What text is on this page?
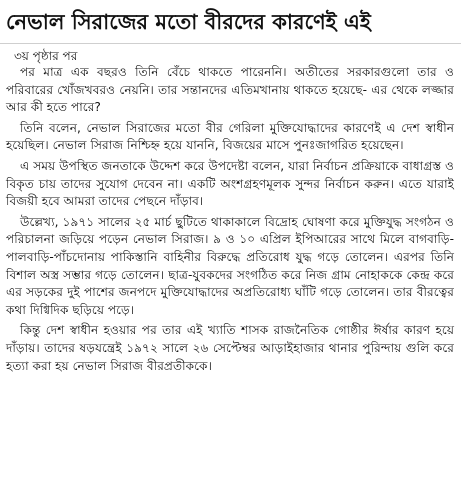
নেভাল সিরাজের মতো বীরদের কারণেই এই
৩য় পৃষ্ঠার পর

পর মাত্র এক বছরও তিনি বেঁচে থাকতে পারেননি। অতীতের সরকারগুলো তার ও পরিবারের খোঁজখবরও নেয়নি। তার সন্তানদের এতিমখানায় থাকতে হয়েছে- এর থেকে লজ্জার আর কী হতে পারে?

তিনি বলেন, নেভাল সিরাজের মতো বীর গেরিলা মুক্তিযোদ্ধাদের কারণেই এ দেশ স্বাধীন হয়েছিল। নেভাল সিরাজ নিশ্চিহ্ন হয়ে যাননি, বিজয়ের মাসে পুনঃজাগরিত হয়েছেন।

এ সময় উপস্থিত জনতাকে উদ্দেশ করে উপদেষ্টা বলেন, যারা নির্বাচন প্রক্রিয়াকে বাধাগ্রস্ত ও বিকৃত চায় তাদের সুযোগ দেবেন না। একটি অংশগ্রহণমূলক সুন্দর নির্বাচন করুন। এতে যারাই বিজয়ী হবে আমরা তাদের পেছনে দাঁড়াব।

উল্লেখ্য, ১৯৭১ সালের ২৫ মার্চ ছুটিতে থাকাকালে বিদ্রোহ ঘোষণা করে মুক্তিযুদ্ধ সংগঠন ও পরিচালনা জড়িয়ে পড়েন নেভাল সিরাজ। ৯ ও ১০ এপ্রিল ইপিআরের সাথে মিলে বাগবাড়ি-পালবাড়ি-পাঁচদোনায় পাকিস্তানি বাহিনীর বিরুদ্ধে প্রতিরোধ যুদ্ধ গড়ে তোলেন। এরপর তিনি বিশাল অস্ত্র সম্ভার গড়ে তোলেন। ছাত্র-যুবকদের সংগঠিত করে নিজ গ্রাম নোহাককে কেন্দ্র করে এর সড়কের দুই পাশের জনপদে মুক্তিযোদ্ধাদের অপ্রতিরোধ্য ঘাঁটি গড়ে তোলেন। তার বীরত্বের কথা দিগ্বিদিক ছড়িয়ে পড়ে।

কিন্তু দেশ স্বাধীন হওয়ার পর তার এই খ্যাতি শাসক রাজনৈতিক গোষ্ঠীর ঈর্ষার কারণ হয়ে দাঁড়ায়। তাদের ষড়যন্ত্রেই ১৯৭২ সালে ২৬ সেপ্টেম্বর আড়াইহাজার থানার পুরিন্দায় গুলি করে হত্যা করা হয় নেভাল সিরাজ বীরপ্রতীককে।
